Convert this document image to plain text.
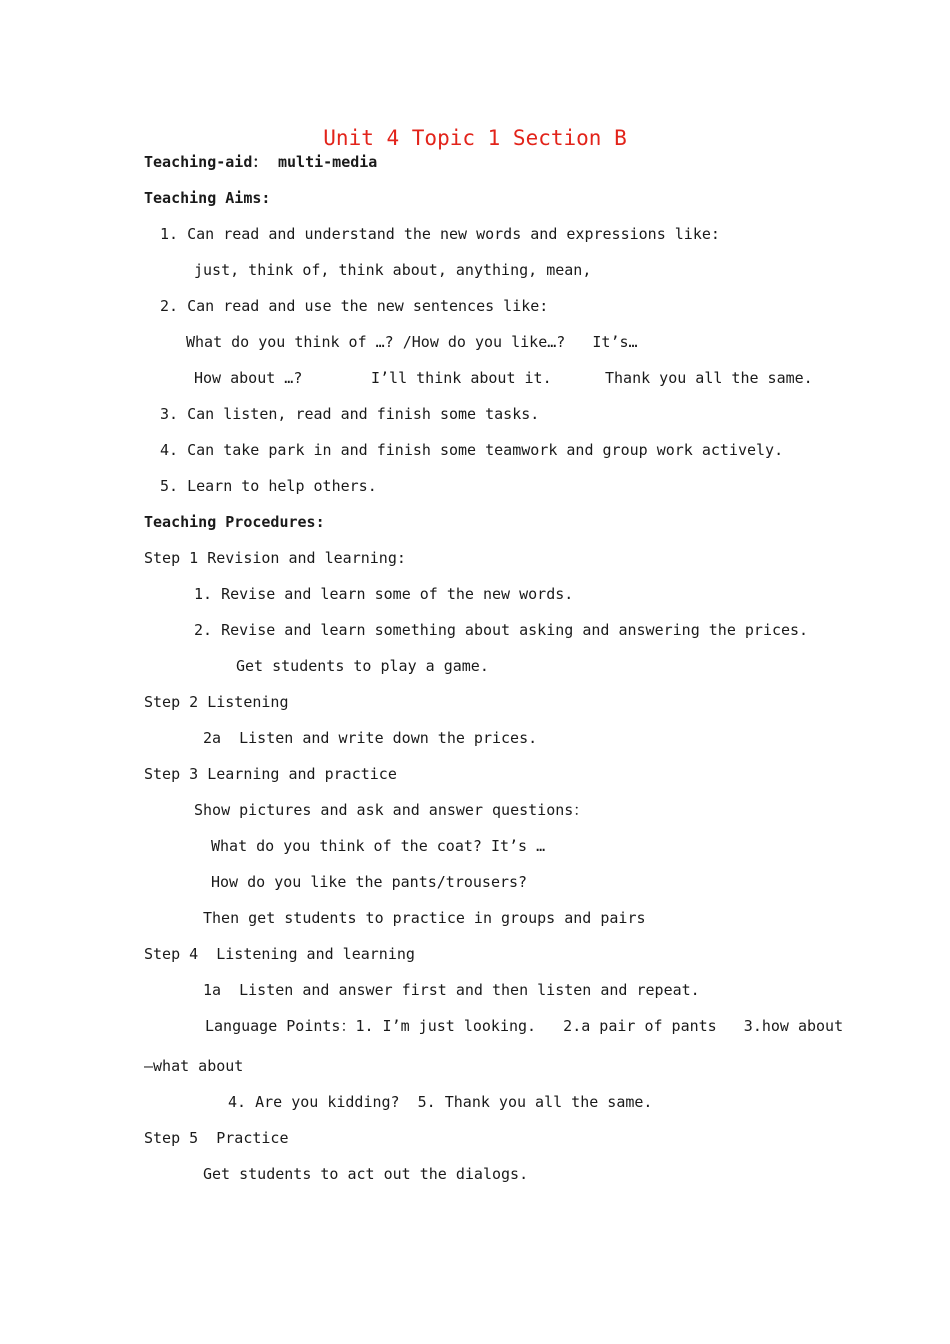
Unit 4 Topic 1 Section B
Teaching-aid： multi-media
Teaching Aims:
1. Can read and understand the new words and expressions like:
just, think of, think about, anything, mean,
2. Can read and use the new sentences like:
What do you think of …? /How do you like…?   It’s…
How about …?	I’ll think about it.	Thank you all the same.
3. Can listen, read and finish some tasks.
4. Can take park in and finish some teamwork and group work actively.
5. Learn to help others.
Teaching Procedures:
Step 1 Revision and learning:
1. Revise and learn some of the new words.
2. Revise and learn something about asking and answering the prices.
Get students to play a game.
Step 2 Listening
2a  Listen and write down the prices.
Step 3 Learning and practice
Show pictures and ask and answer questions：
What do you think of the coat? It’s …
How do you like the pants/trousers?
Then get students to practice in groups and pairs
Step 4  Listening and learning
1a  Listen and answer first and then listen and repeat.
Language Points：1. I’m just looking.   2.a pair of pants   3.how about
—what about
4. Are you kidding?  5. Thank you all the same.
Step 5  Practice
Get students to act out the dialogs.
